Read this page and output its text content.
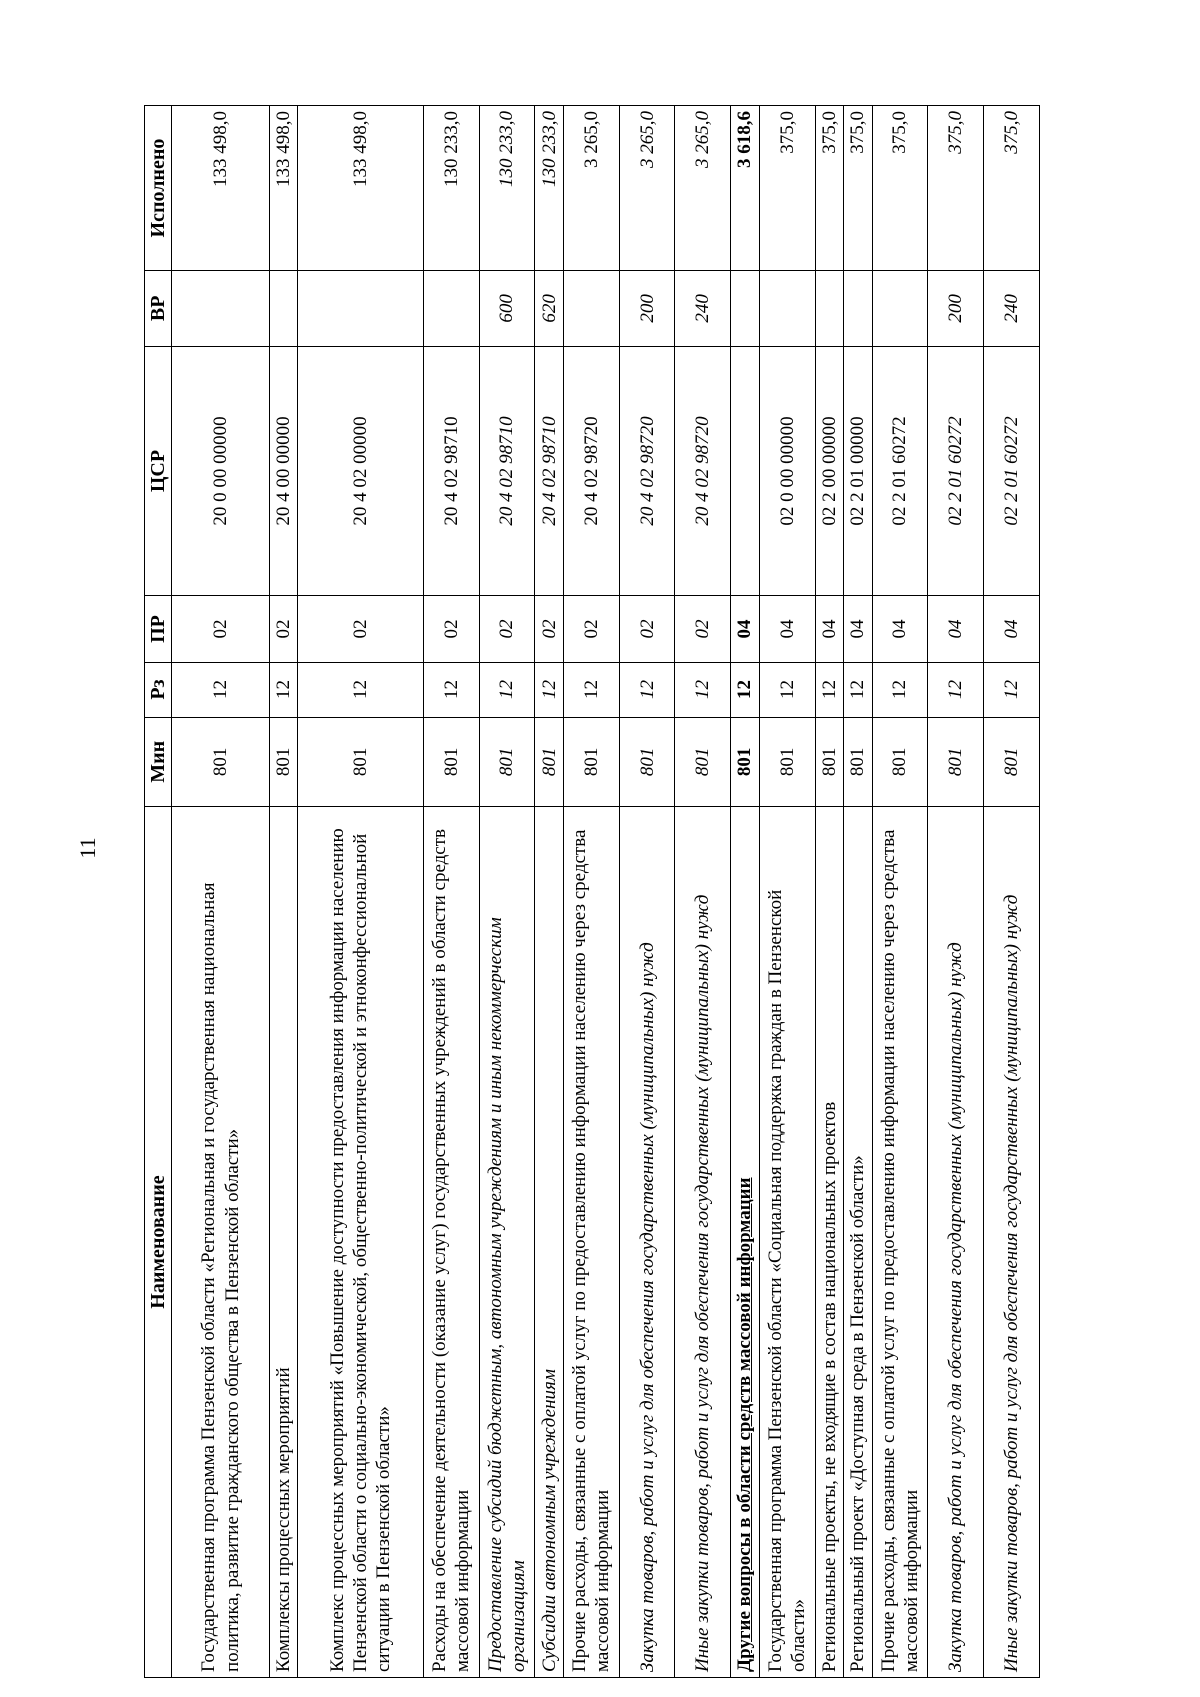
11
Наименование	Мин	Рз	ПР	ЦСР	ВР	Исполнено
Государственная программа Пензенской области «Региональная и государственная национальная политика, развитие гражданского общества в Пензенской области»	801	12	02	20 0 00 00000		133 498,0
Комплексы процессных мероприятий	801	12	02	20 4 00 00000		133 498,0
Комплекс процессных мероприятий «Повышение доступности предоставления информации населению Пензенской области о социально-экономической, общественно-политической и этноконфессиональной ситуации в Пензенской области»	801	12	02	20 4 02 00000		133 498,0
Расходы на обеспечение деятельности (оказание услуг) государственных учреждений в области средств массовой информации	801	12	02	20 4 02 98710		130 233,0
Предоставление субсидий бюджетным, автономным учреждениям и иным некоммерческим организациям	801	12	02	20 4 02 98710	600	130 233,0
Субсидии автономным учреждениям	801	12	02	20 4 02 98710	620	130 233,0
Прочие расходы, связанные с оплатой услуг по предоставлению информации населению через средства массовой информации	801	12	02	20 4 02 98720		3 265,0
Закупка товаров, работ и услуг для обеспечения государственных (муниципальных) нужд	801	12	02	20 4 02 98720	200	3 265,0
Иные закупки товаров, работ и услуг для обеспечения государственных (муниципальных) нужд	801	12	02	20 4 02 98720	240	3 265,0
Другие вопросы в области средств массовой информации	801	12	04			3 618,6
Государственная программа Пензенской области «Социальная поддержка граждан в Пензенской области»	801	12	04	02 0 00 00000		375,0
Региональные проекты, не входящие в состав национальных проектов	801	12	04	02 2 00 00000		375,0
Региональный проект «Доступная среда в Пензенской области»	801	12	04	02 2 01 00000		375,0
Прочие расходы, связанные с оплатой услуг по предоставлению информации населению через средства массовой информации	801	12	04	02 2 01 60272		375,0
Закупка товаров, работ и услуг для обеспечения государственных (муниципальных) нужд	801	12	04	02 2 01 60272	200	375,0
Иные закупки товаров, работ и услуг для обеспечения государственных (муниципальных) нужд	801	12	04	02 2 01 60272	240	375,0
